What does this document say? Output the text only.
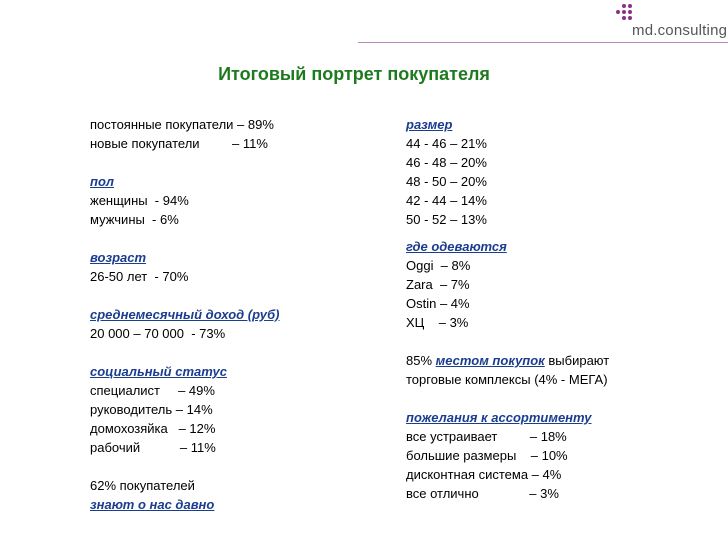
md.consulting
Итоговый портрет покупателя
постоянные покупатели – 89%
новые покупатели         – 11%
пол
женщины  - 94%
мужчины  - 6%
возраст
26-50 лет  - 70%
среднемесячный доход (руб)
20 000 – 70 000  - 73%
социальный статус
специалист     – 49%
руководитель – 14%
домохозяйка   – 12%
рабочий           – 11%
62% покупателей
знают о нас давно
размер
44 - 46 – 21%
46 - 48 – 20%
48 - 50 – 20%
42 - 44 – 14%
50 - 52 – 13%
где одеваются
Oggi  – 8%
Zara  – 7%
Ostin – 4%
ХЦ    – 3%
85% местом покупок выбирают
торговые комплексы (4% - МЕГА)
пожелания к ассортименту
все устраивает         – 18%
большие размеры    – 10%
дисконтная система – 4%
все отлично              – 3%
